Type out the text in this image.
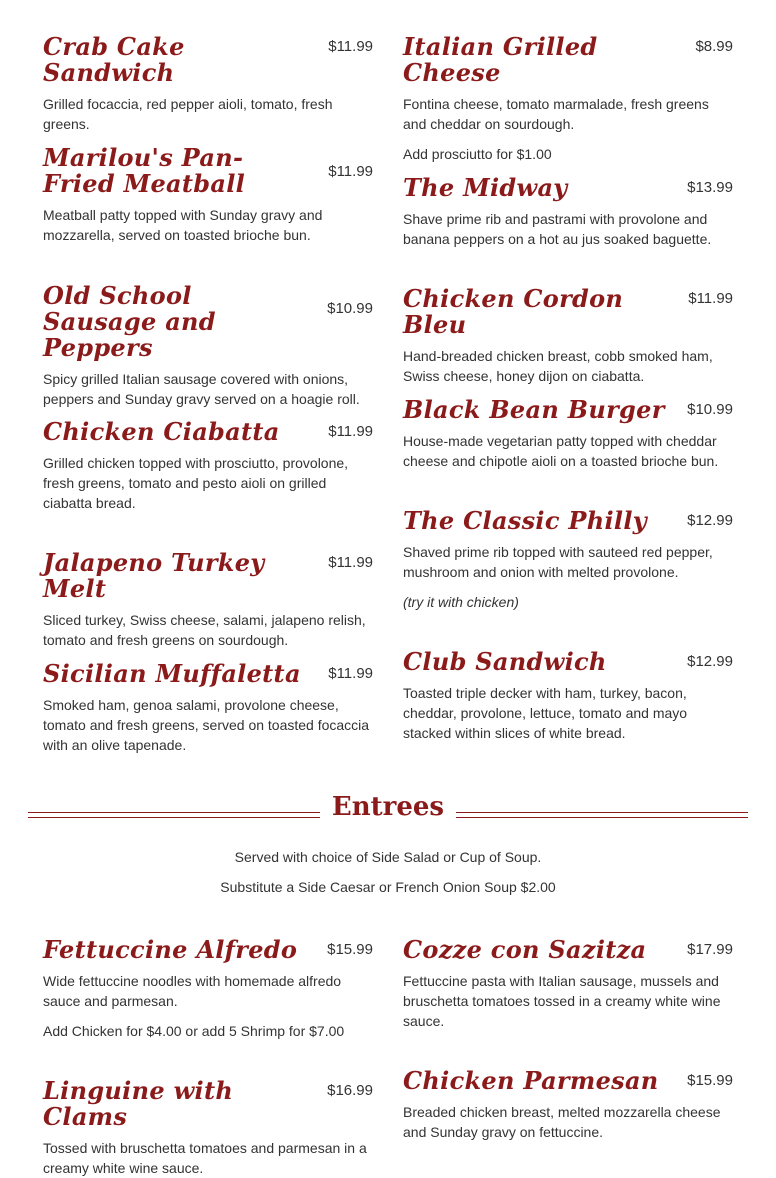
Crab Cake Sandwich
$11.99

Grilled focaccia, red pepper aioli, tomato, fresh greens.

Marilou's Pan-Fried Meatball	$11.99

Meatball patty topped with Sunday gravy and mozzarella, served on toasted brioche bun.

Old School Sausage and Peppers
$10.99

Spicy grilled Italian sausage covered with onions, peppers and Sunday gravy served on a hoagie roll.

Chicken Ciabatta	$11.99

Grilled chicken topped with prosciutto, provolone, fresh greens, tomato and pesto aioli on grilled ciabatta bread.

Jalapeno Turkey Melt
$11.99

Sliced turkey, Swiss cheese, salami, jalapeno relish, tomato and fresh greens on sourdough.

Sicilian Muffaletta	$11.99

Smoked ham, genoa salami, provolone cheese, tomato and fresh greens, served on toasted focaccia with an olive tapenade.

Fettuccine Alfredo	$15.99

Wide fettuccine noodles with homemade alfredo sauce and parmesan.

Add Chicken for $4.00 or add 5 Shrimp for $7.00

Linguine with Clams
$16.99

Tossed with bruschetta tomatoes and parmesan in a creamy white wine sauce.

Italian Grilled Cheese
$8.99

Fontina cheese, tomato marmalade, fresh greens and cheddar on sourdough.

Add prosciutto for $1.00

The Midway	$13.99

Shave prime rib and pastrami with provolone and banana peppers on a hot au jus soaked baguette.

Chicken Cordon Bleu
$11.99

Hand-breaded chicken breast, cobb smoked ham, Swiss cheese, honey dijon on ciabatta.

Black Bean Burger	$10.99

House-made vegetarian patty topped with cheddar cheese and chipotle aioli on a toasted brioche bun.

The Classic Philly	$12.99

Shaved prime rib topped with sauteed red pepper, mushroom and onion with melted provolone.

(try it with chicken)

Club Sandwich	$12.99

Toasted triple decker with ham, turkey, bacon, cheddar, provolone, lettuce, tomato and mayo stacked within slices of white bread.

Cozze con Sazitza	$17.99

Fettuccine pasta with Italian sausage, mussels and bruschetta tomatoes tossed in a creamy white wine sauce.

Chicken Parmesan	$15.99

Breaded chicken breast, melted mozzarella cheese and Sunday gravy on fettuccine.

Entrees

Served with choice of Side Salad or Cup of Soup.

Substitute a Side Caesar or French Onion Soup $2.00
